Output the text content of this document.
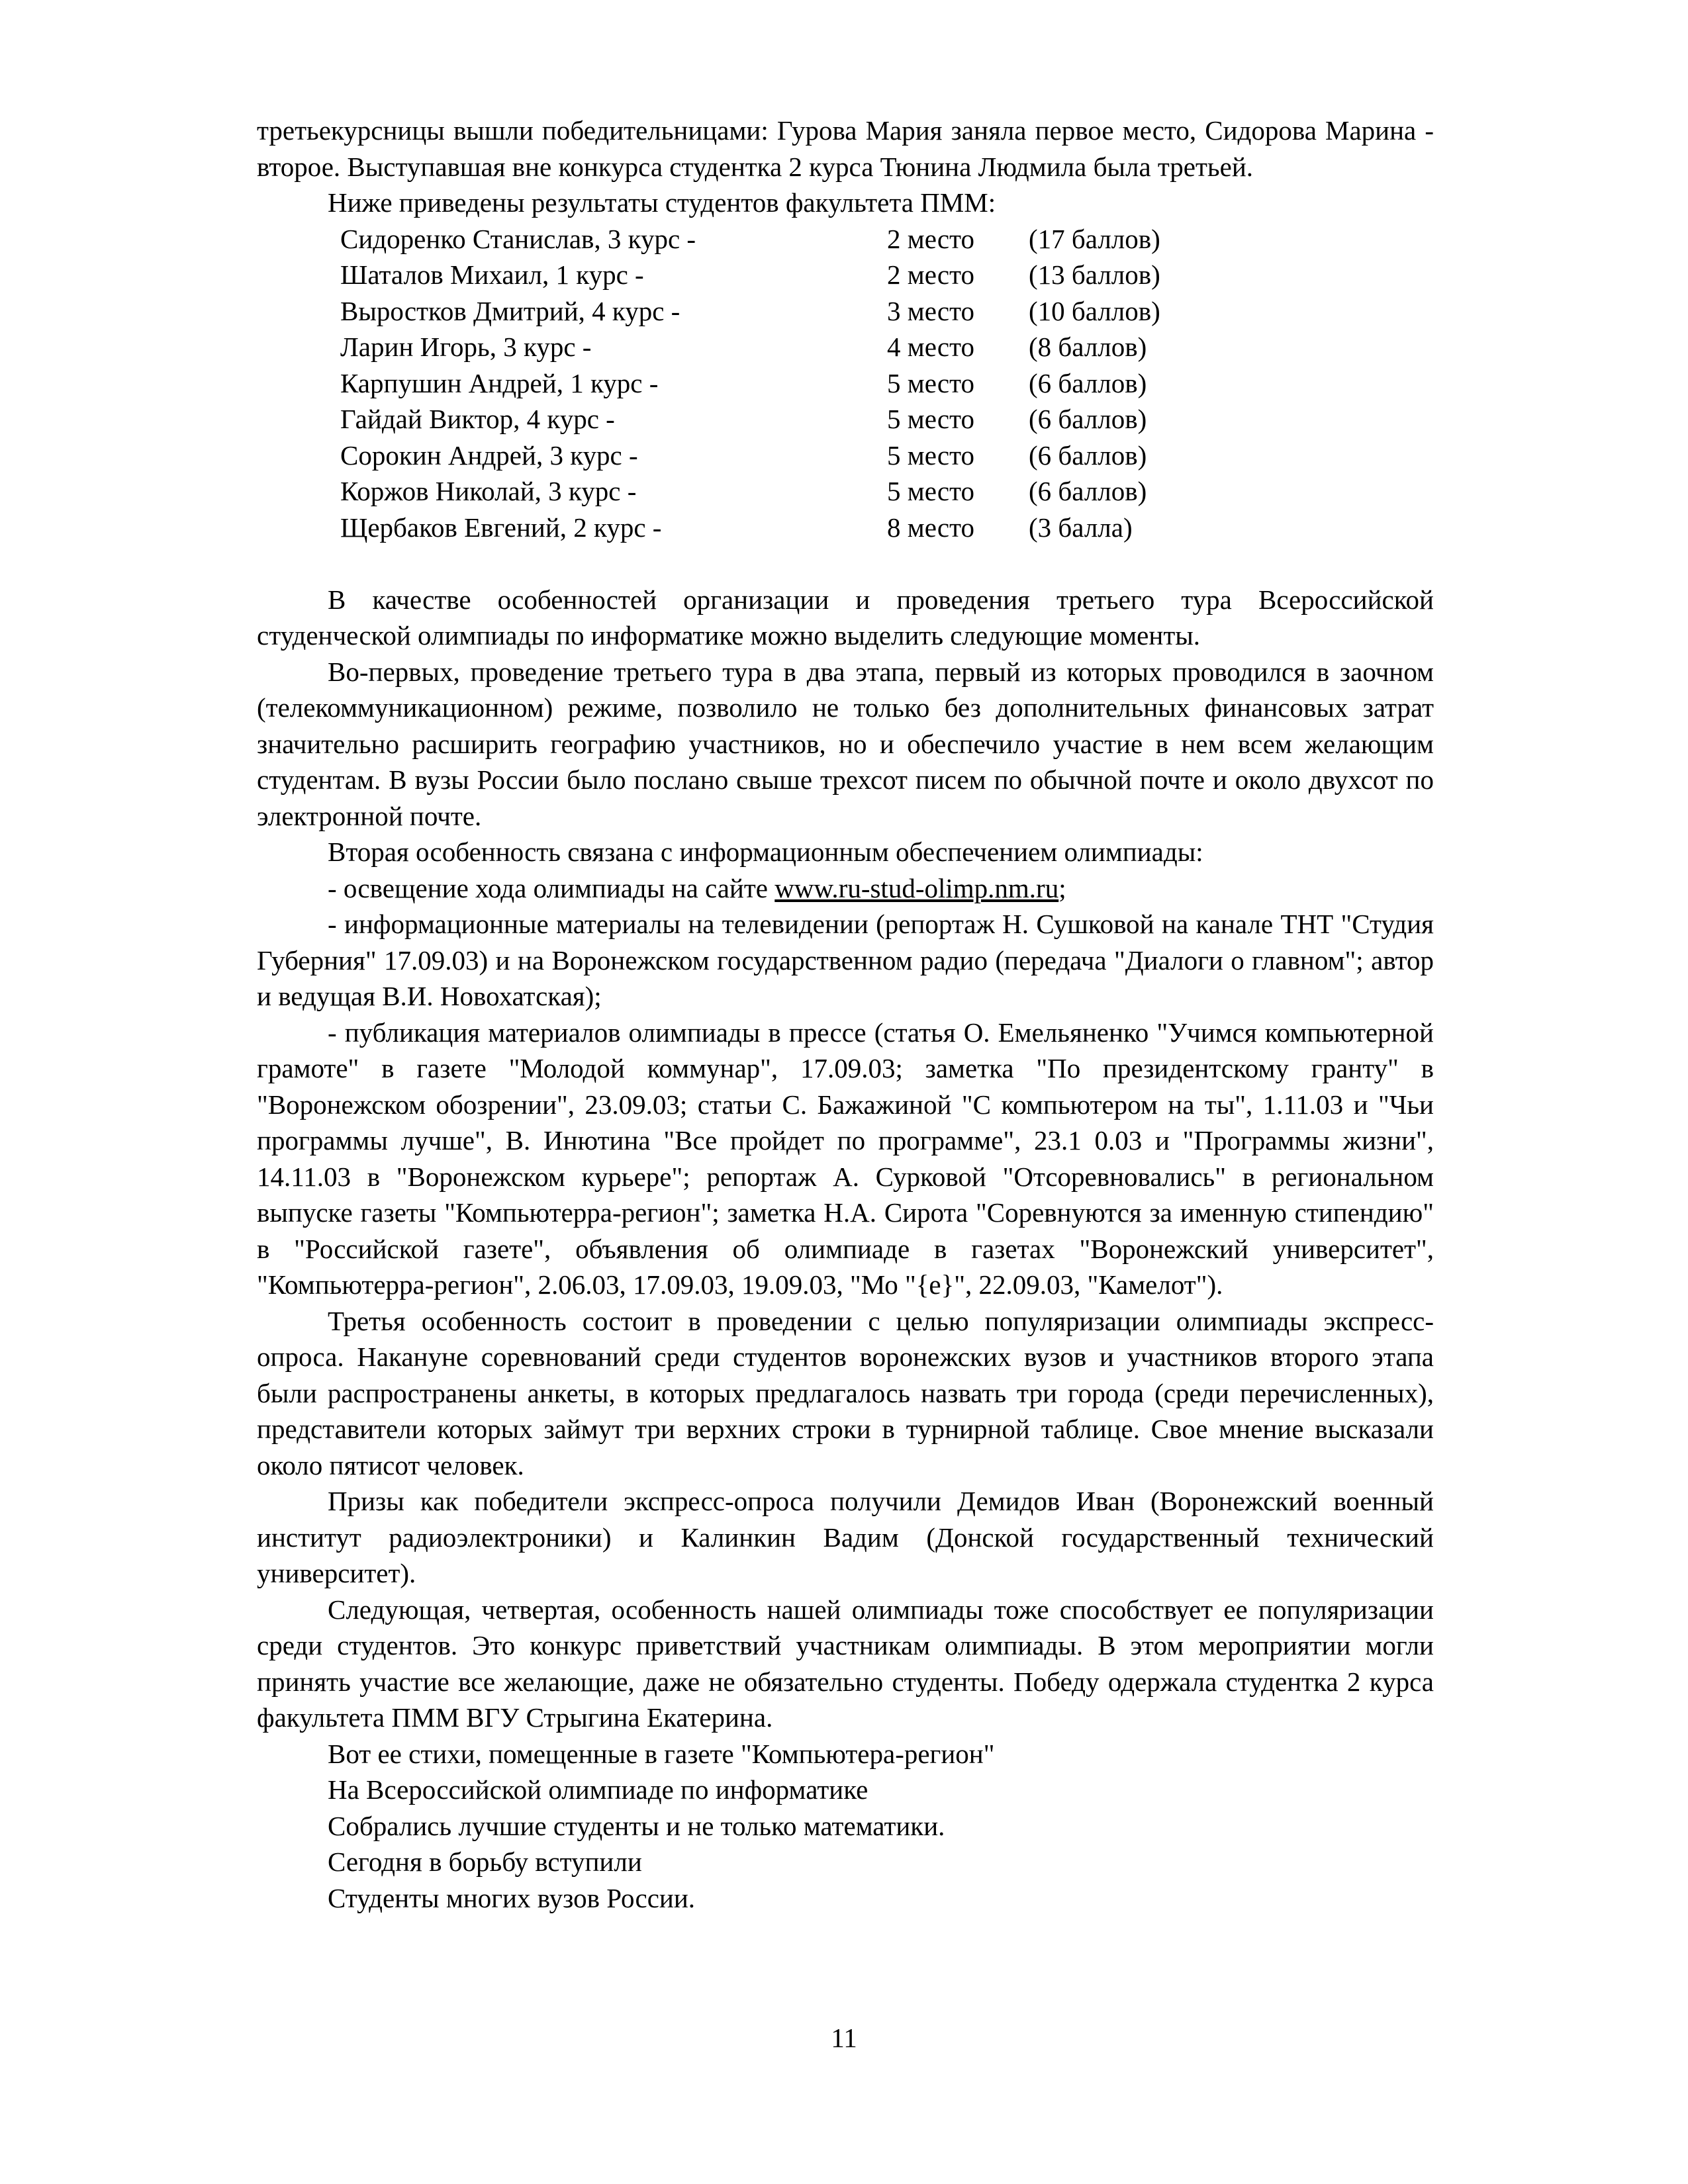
третьекурсницы вышли победительницами: Гурова Мария заняла первое место, Сидорова Марина - второе. Выступавшая вне конкурса студентка 2 курса Тюнина Людмила была третьей.

Ниже приведены результаты студентов факультета ПММ:

Сидоренко Станислав, 3 курс -	2 место	(17 баллов)
Шаталов Михаил, 1 курс -	2 место	(13 баллов)
Выростков Дмитрий, 4 курс -	3 место	(10 баллов)
Ларин Игорь, 3 курс -	4 место	(8 баллов)
Карпушин Андрей, 1 курс -	5 место	(6 баллов)
Гайдай Виктор, 4 курс -	5 место	(6 баллов)
Сорокин Андрей, 3 курс -	5 место	(6 баллов)
Коржов Николай, 3 курс -	5 место	(6 баллов)
Щербаков Евгений, 2 курс -	8 место	(3 балла)

В качестве особенностей организации и проведения третьего тура Всероссийской студенческой олимпиады по информатике можно выделить следующие моменты.

Во-первых, проведение третьего тура в два этапа, первый из которых проводился в заочном (телекоммуникационном) режиме, позволило не только без дополнительных финансовых затрат значительно расширить географию участников, но и обеспечило участие в нем всем желающим студентам. В вузы России было послано свыше трехсот писем по обычной почте и около двухсот по электронной почте.

Вторая особенность связана с информационным обеспечением олимпиады:

- освещение хода олимпиады на сайте www.ru-stud-olimp.nm.ru;

- информационные материалы на телевидении (репортаж Н. Сушковой на канале ТНТ "Студия Губерния" 17.09.03) и на Воронежском государственном радио (передача "Диалоги о главном"; автор и ведущая В.И. Новохатская);

- публикация материалов олимпиады в прессе (статья О. Емельяненко "Учимся компьютерной грамоте" в газете "Молодой коммунар", 17.09.03; заметка "По президентскому гранту" в "Воронежском обозрении", 23.09.03; статьи С. Бажажиной "С компьютером на ты", 1.11.03 и "Чьи программы лучше", В. Инютина "Все пройдет по программе", 23.1 0.03 и "Программы жизни", 14.11.03 в "Воронежском курьере"; репортаж А. Сурковой "Отсоревновались" в региональном выпуске газеты "Компьютерра-регион"; заметка Н.А. Сирота "Соревнуются за именную стипендию" в "Российской газете", объявления об олимпиаде в газетах "Воронежский университет", "Компьютерра-регион", 2.06.03, 17.09.03, 19.09.03, "Мо "{e}", 22.09.03, "Камелот").

Третья особенность состоит в проведении с целью популяризации олимпиады экспресс-опроса. Накануне соревнований среди студентов воронежских вузов и участников второго этапа были распространены анкеты, в которых предлагалось назвать три города (среди перечисленных), представители которых займут три верхних строки в турнирной таблице. Свое мнение высказали около пятисот человек.

Призы как победители экспресс-опроса получили Демидов Иван (Воронежский военный институт радиоэлектроники) и Калинкин Вадим (Донской государственный технический университет).

Следующая, четвертая, особенность нашей олимпиады тоже способствует ее популяризации среди студентов. Это конкурс приветствий участникам олимпиады. В этом мероприятии могли принять участие все желающие, даже не обязательно студенты. Победу одержала студентка 2 курса факультета ПММ ВГУ Стрыгина Екатерина.

Вот ее стихи, помещенные в газете "Компьютера-регион"

На Всероссийской олимпиаде по информатике

Собрались лучшие студенты и не только математики.

Сегодня в борьбу вступили

Студенты многих вузов России.

11
